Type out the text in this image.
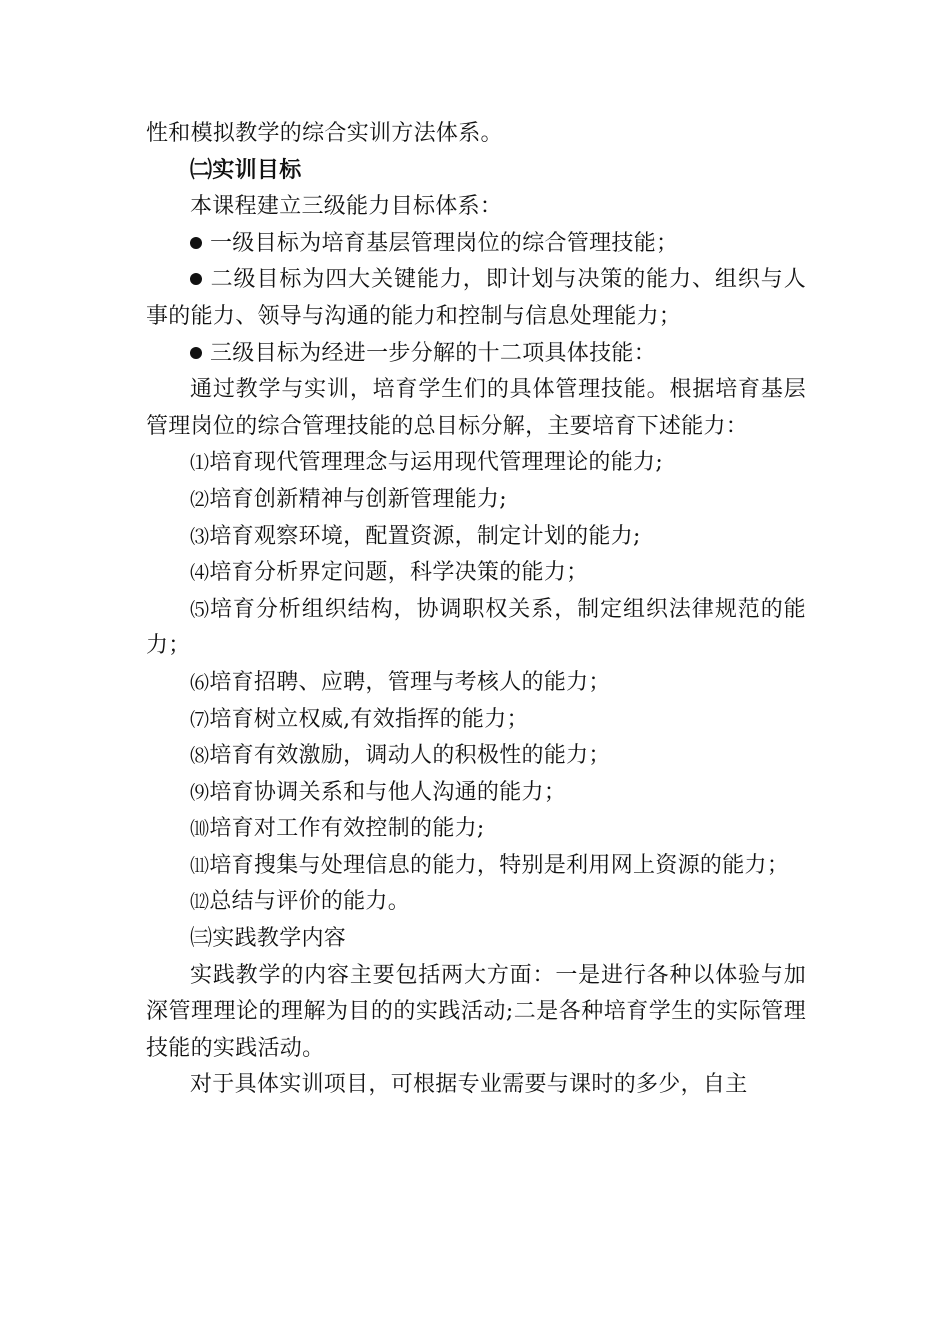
性和模拟教学的综合实训方法体系。

㈡实训目标

本课程建立三级能力目标体系：

一级目标为培育基层管理岗位的综合管理技能；

二级目标为四大关键能力，即计划与决策的能力、组织与人事的能力、领导与沟通的能力和控制与信息处理能力；

三级目标为经进一步分解的十二项具体技能：

通过教学与实训，培育学生们的具体管理技能。根据培育基层管理岗位的综合管理技能的总目标分解，主要培育下述能力：

⑴培育现代管理理念与运用现代管理理论的能力;

⑵培育创新精神与创新管理能力;

⑶培育观察环境，配置资源，制定计划的能力;

⑷培育分析界定问题，科学决策的能力；

⑸培育分析组织结构，协调职权关系，制定组织法律规范的能力；

⑹培育招聘、应聘，管理与考核人的能力；

⑺培育树立权威,有效指挥的能力；

⑻培育有效激励，调动人的积极性的能力；

⑼培育协调关系和与他人沟通的能力；

⑽培育对工作有效控制的能力;

⑾培育搜集与处理信息的能力，特别是利用网上资源的能力；

⑿总结与评价的能力。

㈢实践教学内容

实践教学的内容主要包括两大方面：一是进行各种以体验与加深管理理论的理解为目的的实践活动;二是各种培育学生的实际管理技能的实践活动。

对于具体实训项目，可根据专业需要与课时的多少，自主
